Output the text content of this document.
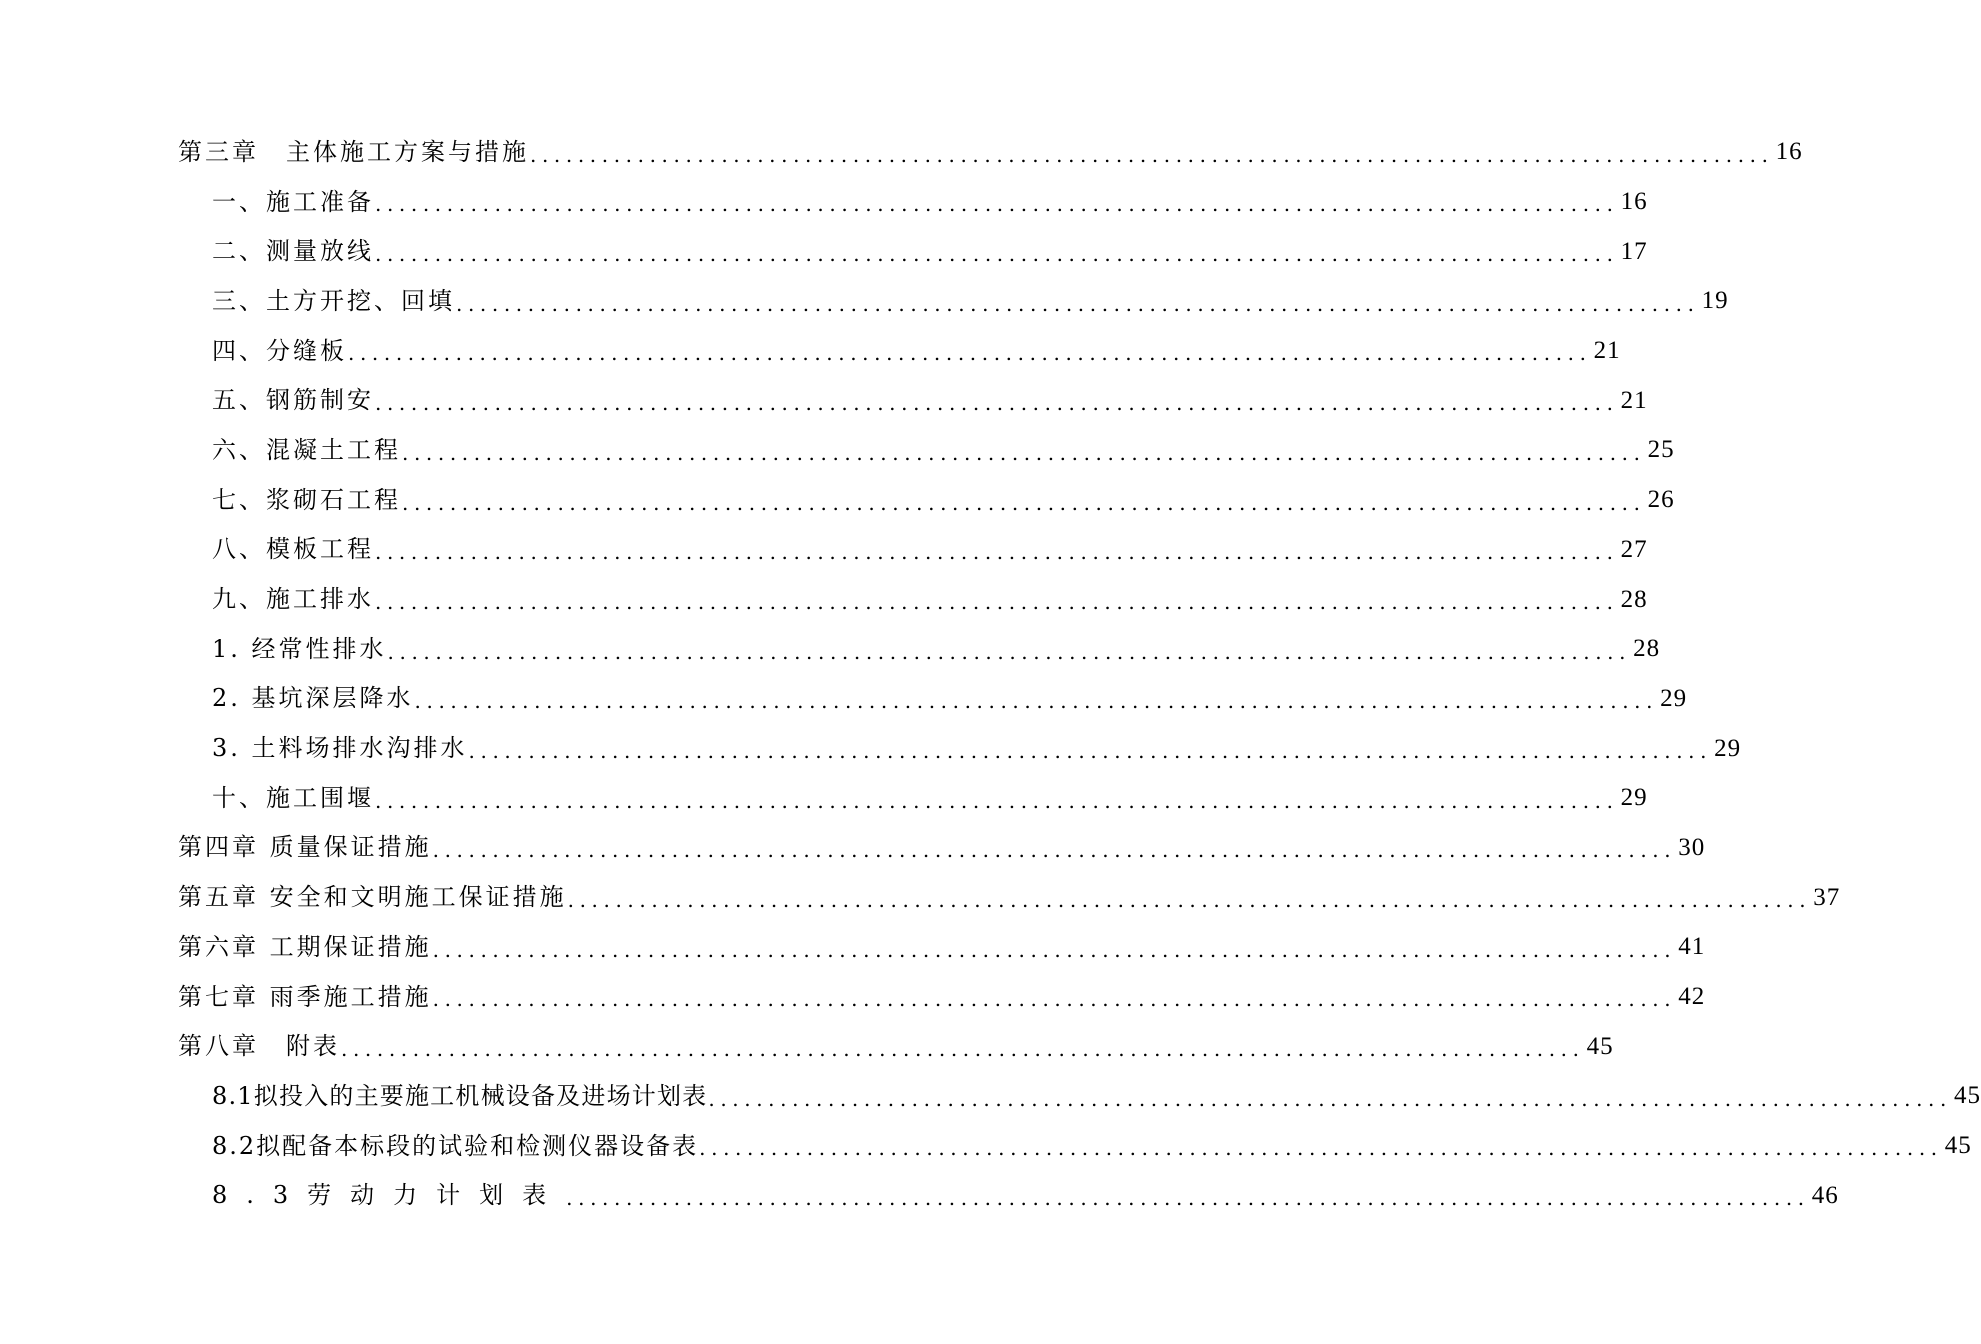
第三章　主体施工方案与措施 ........................................................................................................ 16
一、施工准备 ........................................................................................................ 16
二、测量放线 ........................................................................................................ 17
三、土方开挖、回填 ........................................................................................................ 19
四、分缝板 ........................................................................................................ 21
五、钢筋制安 ........................................................................................................ 21
六、混凝土工程 ........................................................................................................ 25
七、浆砌石工程 ........................................................................................................ 26
八、模板工程 ........................................................................................................ 27
九、施工排水 ........................................................................................................ 28
1. 经常性排水 ........................................................................................................ 28
2. 基坑深层降水 ........................................................................................................ 29
3. 土料场排水沟排水 ........................................................................................................ 29
十、施工围堰 ........................................................................................................ 29
第四章 质量保证措施 ........................................................................................................ 30
第五章 安全和文明施工保证措施 ........................................................................................................ 37
第六章 工期保证措施 ........................................................................................................ 41
第七章 雨季施工措施 ........................................................................................................ 42
第八章　附表 ........................................................................................................ 45
8.1拟投入的主要施工机械设备及进场计划表 ........................................................................................................ 45
8.2拟配备本标段的试验和检测仪器设备表 ........................................................................................................ 45
8.3劳动力计划表 ........................................................................................................ 46
